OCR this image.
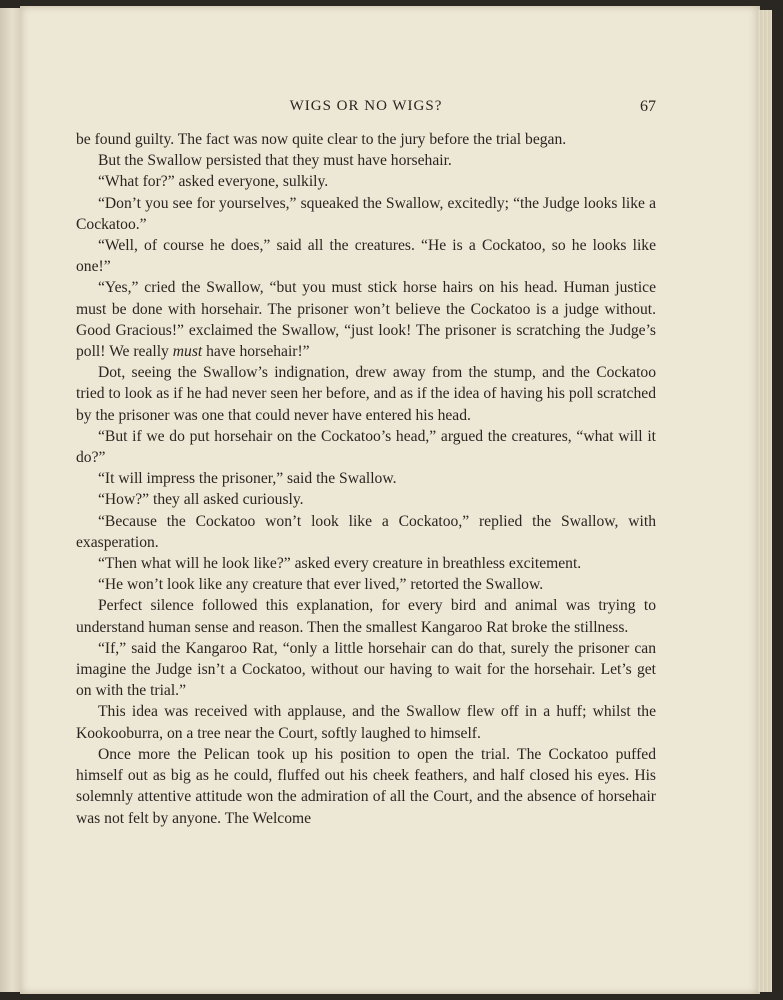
WIGS OR NO WIGS?	67

be found guilty. The fact was now quite clear to the jury before the trial began.

But the Swallow persisted that they must have horsehair.

“What for?” asked everyone, sulkily.

“Don’t you see for yourselves,” squeaked the Swallow, excitedly; “the Judge looks like a Cockatoo.”

“Well, of course he does,” said all the creatures. “He is a Cockatoo, so he looks like one!”

“Yes,” cried the Swallow, “but you must stick horse hairs on his head. Human justice must be done with horsehair. The prisoner won’t believe the Cockatoo is a judge without. Good Gracious!” exclaimed the Swallow, “just look! The prisoner is scratching the Judge’s poll! We really must have horsehair!”

Dot, seeing the Swallow’s indignation, drew away from the stump, and the Cockatoo tried to look as if he had never seen her before, and as if the idea of having his poll scratched by the prisoner was one that could never have entered his head.

“But if we do put horsehair on the Cockatoo’s head,” argued the creatures, “what will it do?”

“It will impress the prisoner,” said the Swallow.

“How?” they all asked curiously.

“Because the Cockatoo won’t look like a Cockatoo,” replied the Swallow, with exasperation.

“Then what will he look like?” asked every creature in breathless excitement.

“He won’t look like any creature that ever lived,” retorted the Swallow.

Perfect silence followed this explanation, for every bird and animal was trying to understand human sense and reason. Then the smallest Kangaroo Rat broke the stillness.

“If,” said the Kangaroo Rat, “only a little horsehair can do that, surely the prisoner can imagine the Judge isn’t a Cockatoo, without our having to wait for the horsehair. Let’s get on with the trial.”

This idea was received with applause, and the Swallow flew off in a huff; whilst the Kookooburra, on a tree near the Court, softly laughed to himself.

Once more the Pelican took up his position to open the trial. The Cockatoo puffed himself out as big as he could, fluffed out his cheek feathers, and half closed his eyes. His solemnly attentive attitude won the admiration of all the Court, and the absence of horsehair was not felt by anyone. The Welcome
